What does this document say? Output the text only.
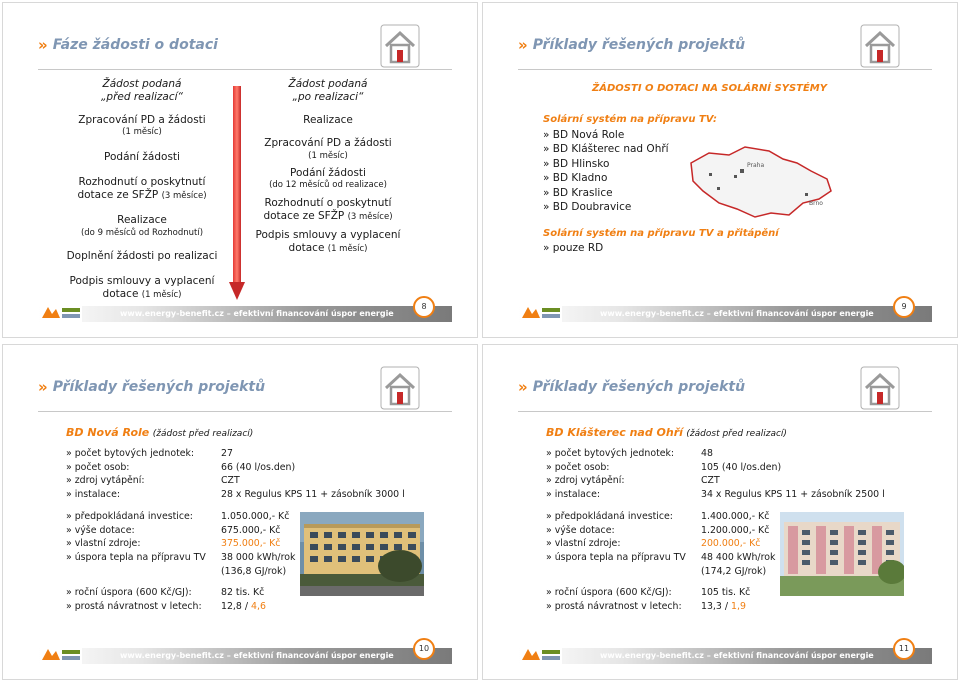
» Fáze žádosti o dotaci
Žádost podaná
„před realizací“
Zpracování PD a žádosti
(1 měsíc)
Podání žádosti
Rozhodnutí o poskytnutí
dotace ze SFŽP (3 měsíce)
Realizace
(do 9 měsíců od Rozhodnutí)
Doplnění žádosti po realizaci
Podpis smlouvy a vyplacení
dotace (1 měsíc)
Žádost podaná
„po realizaci“
Realizace
Zpracování PD a žádosti
(1 měsíc)
Podání žádosti
(do 12 měsíců od realizace)
Rozhodnutí o poskytnutí
dotace ze SFŽP (3 měsíce)
Podpis smlouvy a vyplacení
dotace (1 měsíc)
www.energy-benefit.cz – efektivní financování úspor energie
8
» Příklady řešených projektů
ŽÁDOSTI O DOTACI NA SOLÁRNÍ SYSTÉMY
Solární systém na přípravu TV:
» BD Nová Role
» BD Klášterec nad Ohří
» BD Hlinsko
» BD Kladno
» BD Kraslice
» BD Doubravice
Solární systém na přípravu TV a přitápění
» pouze RD
Praha
Brno
www.energy-benefit.cz – efektivní financování úspor energie
9
» Příklady řešených projektů
BD Nová Role (žádost před realizací)
» počet bytových jednotek:	27
» počet osob:	66 (40 l/os.den)
» zdroj vytápění:	CZT
» instalace:	28 x Regulus KPS 11 + zásobník 3000 l
» předpokládaná investice:	1.050.000,- Kč
» výše dotace:	675.000,- Kč
» vlastní zdroje:	375.000,- Kč
» úspora tepla na přípravu TV	38 000 kWh/rok
(136,8 GJ/rok)
» roční úspora (600 Kč/GJ):	82 tis. Kč
» prostá návratnost v letech:	12,8 / 4,6
www.energy-benefit.cz – efektivní financování úspor energie
10
» Příklady řešených projektů
BD Klášterec nad Ohří (žádost před realizací)
» počet bytových jednotek:	48
» počet osob:	105 (40 l/os.den)
» zdroj vytápění:	CZT
» instalace:	34 x Regulus KPS 11 + zásobník 2500 l
» předpokládaná investice:	1.400.000,- Kč
» výše dotace:	1.200.000,- Kč
» vlastní zdroje:	200.000,- Kč
» úspora tepla na přípravu TV	48 400 kWh/rok
(174,2 GJ/rok)
» roční úspora (600 Kč/GJ):	105 tis. Kč
» prostá návratnost v letech:	13,3 / 1,9
www.energy-benefit.cz – efektivní financování úspor energie
11
